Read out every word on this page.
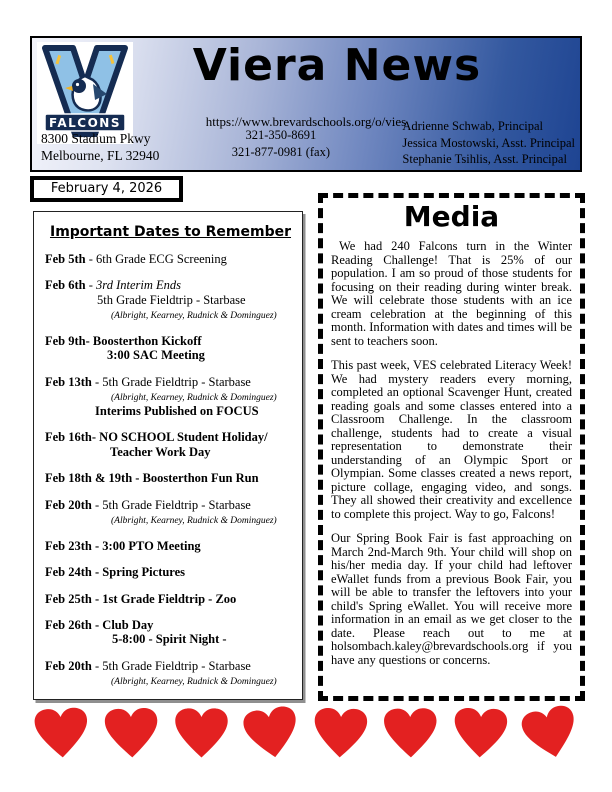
FALCONS
Viera News
https://www.brevardschools.org/o/vies
8300 Stadium Pkwy
Melbourne, FL 32940
321-350-8691
321-877-0981 (fax)
Adrienne Schwab, Principal
Jessica Mostowski, Asst. Principal
Stephanie Tsihlis, Asst. Principal
February 4, 2026
Important Dates to Remember
Feb 5th - 6th Grade ECG Screening
Feb 6th - 3rd Interim Ends
5th Grade Fieldtrip - Starbase
(Albright, Kearney, Rudnick & Dominguez)
Feb 9th- Boosterthon Kickoff
3:00 SAC Meeting
Feb 13th - 5th Grade Fieldtrip - Starbase
(Albright, Kearney, Rudnick & Dominguez)
Interims Published on FOCUS
Feb 16th- NO SCHOOL Student Holiday/
Teacher Work Day
Feb 18th & 19th - Boosterthon Fun Run
Feb 20th - 5th Grade Fieldtrip - Starbase
(Albright, Kearney, Rudnick & Dominguez)
Feb 23th - 3:00 PTO Meeting
Feb 24th - Spring Pictures
Feb 25th - 1st Grade Fieldtrip - Zoo
Feb 26th - Club Day
5-8:00 - Spirit Night -
Feb 20th - 5th Grade Fieldtrip - Starbase
(Albright, Kearney, Rudnick & Dominguez)
Media

We had 240 Falcons turn in the Winter Reading Challenge! That is 25% of our population. I am so proud of those students for focusing on their reading during winter break. We will celebrate those students with an ice cream celebration at the beginning of this month. Information with dates and times will be sent to teachers soon.

This past week, VES celebrated Literacy Week! We had mystery readers every morning, completed an optional Scavenger Hunt, created reading goals and some classes entered into a Classroom Challenge. In the classroom challenge, students had to create a visual representation to demonstrate their understanding of an Olympic Sport or Olympian. Some classes created a news report, picture collage, engaging video, and songs. They all showed their creativity and excellence to complete this project. Way to go, Falcons!

Our Spring Book Fair is fast approaching on March 2nd-March 9th. Your child will shop on his/her media day. If your child had leftover eWallet funds from a previous Book Fair, you will be able to transfer the leftovers into your child's Spring eWallet. You will receive more information in an email as we get closer to the date. Please reach out to me at holsombach.kaley@brevardschools.org if you have any questions or concerns.
